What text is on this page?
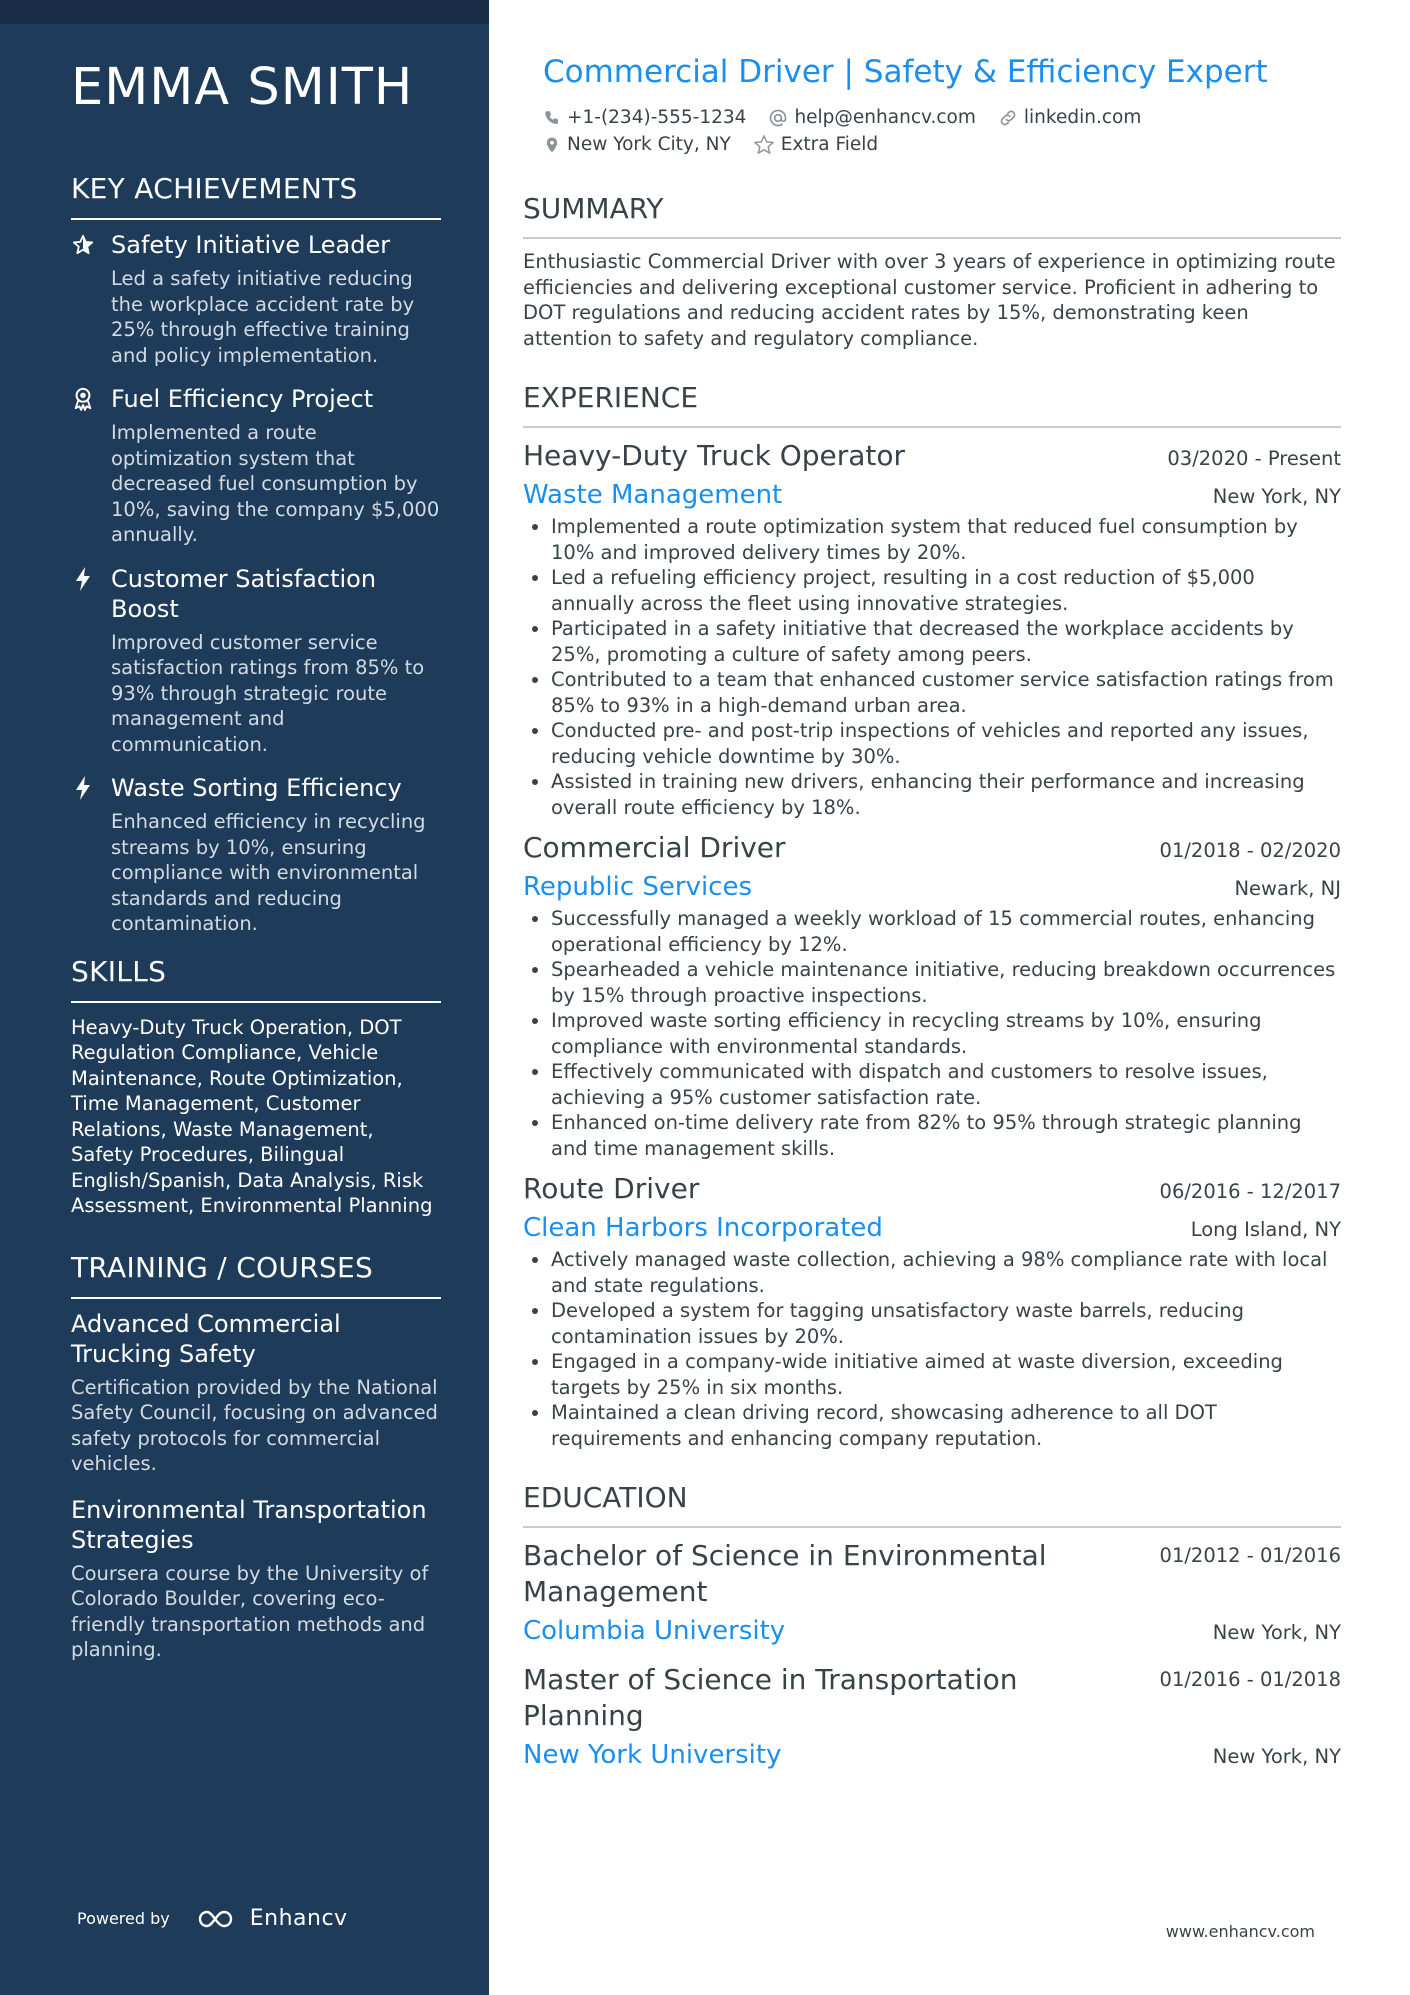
EMMA SMITH
KEY ACHIEVEMENTS
Safety Initiative Leader
Led a safety initiative reducing the workplace accident rate by 25% through effective training and policy implementation.
Fuel Efficiency Project
Implemented a route optimization system that decreased fuel consumption by 10%, saving the company $5,000 annually.
Customer Satisfaction Boost
Improved customer service satisfaction ratings from 85% to 93% through strategic route management and communication.
Waste Sorting Efficiency
Enhanced efficiency in recycling streams by 10%, ensuring compliance with environmental standards and reducing contamination.
SKILLS
Heavy-Duty Truck Operation, DOT Regulation Compliance, Vehicle Maintenance, Route Optimization, Time Management, Customer Relations, Waste Management, Safety Procedures, Bilingual English/Spanish, Data Analysis, Risk Assessment, Environmental Planning
TRAINING / COURSES
Advanced Commercial Trucking Safety
Certification provided by the National Safety Council, focusing on advanced safety protocols for commercial vehicles.
Environmental Transportation Strategies
Coursera course by the University of Colorado Boulder, covering eco-friendly transportation methods and planning.
Powered by	Enhancv
Commercial Driver | Safety & Efficiency Expert
+1-(234)-555-1234	help@enhancv.com	linkedin.com
New York City, NY	Extra Field
SUMMARY
Enthusiastic Commercial Driver with over 3 years of experience in optimizing route efficiencies and delivering exceptional customer service. Proficient in adhering to DOT regulations and reducing accident rates by 15%, demonstrating keen attention to safety and regulatory compliance.
EXPERIENCE
Heavy-Duty Truck Operator	03/2020 - Present
Waste Management	New York, NY
• Implemented a route optimization system that reduced fuel consumption by 10% and improved delivery times by 20%.
• Led a refueling efficiency project, resulting in a cost reduction of $5,000 annually across the fleet using innovative strategies.
• Participated in a safety initiative that decreased the workplace accidents by 25%, promoting a culture of safety among peers.
• Contributed to a team that enhanced customer service satisfaction ratings from 85% to 93% in a high-demand urban area.
• Conducted pre- and post-trip inspections of vehicles and reported any issues, reducing vehicle downtime by 30%.
• Assisted in training new drivers, enhancing their performance and increasing overall route efficiency by 18%.
Commercial Driver	01/2018 - 02/2020
Republic Services	Newark, NJ
• Successfully managed a weekly workload of 15 commercial routes, enhancing operational efficiency by 12%.
• Spearheaded a vehicle maintenance initiative, reducing breakdown occurrences by 15% through proactive inspections.
• Improved waste sorting efficiency in recycling streams by 10%, ensuring compliance with environmental standards.
• Effectively communicated with dispatch and customers to resolve issues, achieving a 95% customer satisfaction rate.
• Enhanced on-time delivery rate from 82% to 95% through strategic planning and time management skills.
Route Driver	06/2016 - 12/2017
Clean Harbors Incorporated	Long Island, NY
• Actively managed waste collection, achieving a 98% compliance rate with local and state regulations.
• Developed a system for tagging unsatisfactory waste barrels, reducing contamination issues by 20%.
• Engaged in a company-wide initiative aimed at waste diversion, exceeding targets by 25% in six months.
• Maintained a clean driving record, showcasing adherence to all DOT requirements and enhancing company reputation.
EDUCATION
Bachelor of Science in Environmental Management
01/2012 - 01/2016
Columbia University	New York, NY
Master of Science in Transportation Planning
01/2016 - 01/2018
New York University	New York, NY
www.enhancv.com
